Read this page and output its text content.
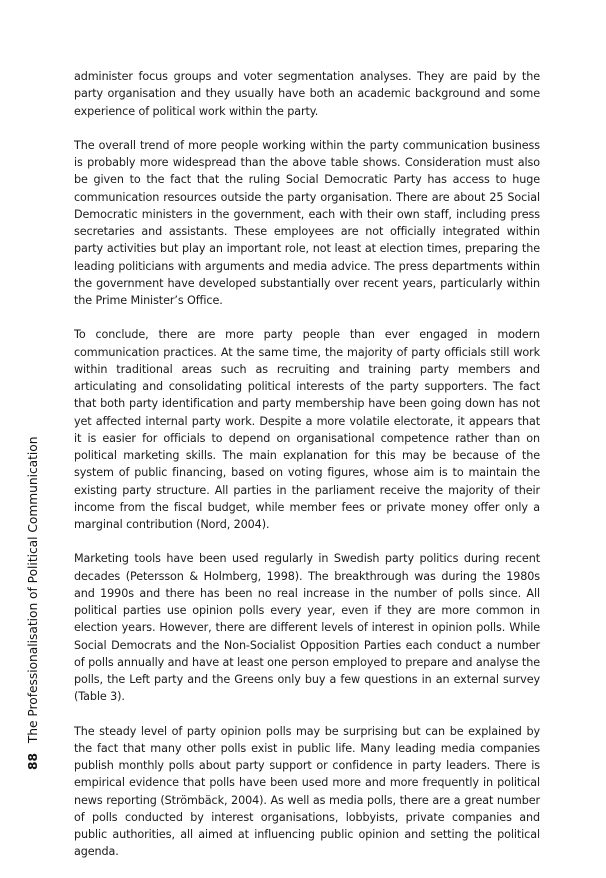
administer focus groups and voter segmentation analyses. They are paid by the party organisation and they usually have both an academic background and some experience of political work within the party.

The overall trend of more people working within the party communication business is probably more widespread than the above table shows. Consideration must also be given to the fact that the ruling Social Democratic Party has access to huge communication resources outside the party organisation. There are about 25 Social Democratic ministers in the government, each with their own staff, including press secretaries and assistants. These employees are not officially integrated within party activities but play an important role, not least at election times, preparing the leading politicians with arguments and media advice. The press departments within the government have developed substantially over recent years, particularly within the Prime Minister’s Office.

To conclude, there are more party people than ever engaged in modern communication practices. At the same time, the majority of party officials still work within traditional areas such as recruiting and training party members and articulating and consolidating political interests of the party supporters. The fact that both party identification and party membership have been going down has not yet affected internal party work. Despite a more volatile electorate, it appears that it is easier for officials to depend on organisational competence rather than on political marketing skills. The main explanation for this may be because of the system of public financing, based on voting figures, whose aim is to maintain the existing party structure. All parties in the parliament receive the majority of their income from the fiscal budget, while member fees or private money offer only a marginal contribution (Nord, 2004).

Marketing tools have been used regularly in Swedish party politics during recent decades (Petersson & Holmberg, 1998). The breakthrough was during the 1980s and 1990s and there has been no real increase in the number of polls since. All political parties use opinion polls every year, even if they are more common in election years. However, there are different levels of interest in opinion polls. While Social Democrats and the Non-Socialist Opposition Parties each conduct a number of polls annually and have at least one person employed to prepare and analyse the polls, the Left party and the Greens only buy a few questions in an external survey (Table 3).

The steady level of party opinion polls may be surprising but can be explained by the fact that many other polls exist in public life. Many leading media companies publish monthly polls about party support or confidence in party leaders. There is empirical evidence that polls have been used more and more frequently in political news reporting (Strömbäck, 2004). As well as media polls, there are a great number of polls conducted by interest organisations, lobbyists, private companies and public authorities, all aimed at influencing public opinion and setting the political agenda.

88 The Professionalisation of Political Communication
